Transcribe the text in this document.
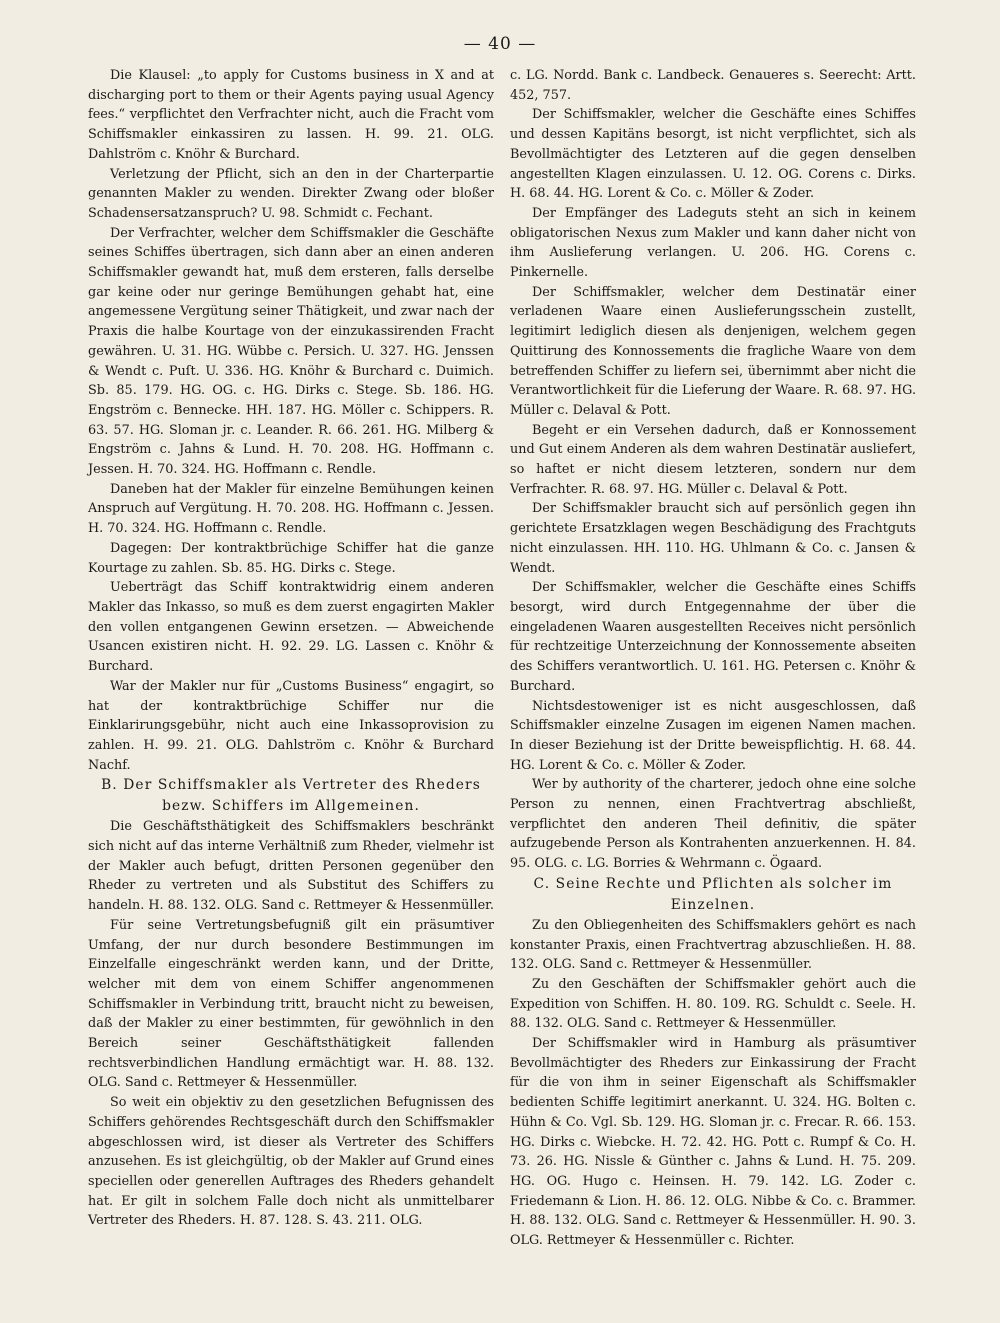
— 40 —

Die Klausel: „to apply for Customs business in X and at discharging port to them or their Agents paying usual Agency fees.“ verpflichtet den Verfrachter nicht, auch die Fracht vom Schiffsmakler einkassiren zu lassen. H. 99. 21. OLG. Dahlström c. Knöhr & Burchard.

Verletzung der Pflicht, sich an den in der Charterpartie genannten Makler zu wenden. Direkter Zwang oder bloßer Schadensersatzanspruch? U. 98. Schmidt c. Fechant.

Der Verfrachter, welcher dem Schiffsmakler die Geschäfte seines Schiffes übertragen, sich dann aber an einen anderen Schiffsmakler gewandt hat, muß dem ersteren, falls derselbe gar keine oder nur geringe Bemühungen gehabt hat, eine angemessene Vergütung seiner Thätigkeit, und zwar nach der Praxis die halbe Kourtage von der einzukassirenden Fracht gewähren. U. 31. HG. Wübbe c. Persich. U. 327. HG. Jenssen & Wendt c. Puſt. U. 336. HG. Knöhr & Burchard c. Duimich. Sb. 85. 179. HG. OG. c. HG. Dirks c. Stege. Sb. 186. HG. Engström c. Bennecke. HH. 187. HG. Möller c. Schippers. R. 63. 57. HG. Sloman jr. c. Leander. R. 66. 261. HG. Milberg & Engström c. Jahns & Lund. H. 70. 208. HG. Hoffmann c. Jessen. H. 70. 324. HG. Hoffmann c. Rendle.

Daneben hat der Makler für einzelne Bemühungen keinen Anspruch auf Vergütung. H. 70. 208. HG. Hoffmann c. Jessen. H. 70. 324. HG. Hoffmann c. Rendle.

Dagegen: Der kontraktbrüchige Schiffer hat die ganze Kourtage zu zahlen. Sb. 85. HG. Dirks c. Stege.

Ueberträgt das Schiff kontraktwidrig einem anderen Makler das Inkasso, so muß es dem zuerst engagirten Makler den vollen entgangenen Gewinn ersetzen. — Abweichende Usancen existiren nicht. H. 92. 29. LG. Lassen c. Knöhr & Burchard.

War der Makler nur für „Customs Business“ engagirt, so hat der kontraktbrüchige Schiffer nur die Einklarirungsgebühr, nicht auch eine Inkassoprovision zu zahlen. H. 99. 21. OLG. Dahlström c. Knöhr & Burchard Nachf.

B. Der Schiffsmakler als Vertreter des Rheders bezw. Schiffers im Allgemeinen.

Die Geschäftsthätigkeit des Schiffsmaklers beschränkt sich nicht auf das interne Verhältniß zum Rheder, vielmehr ist der Makler auch befugt, dritten Personen gegenüber den Rheder zu vertreten und als Substitut des Schiffers zu handeln. H. 88. 132. OLG. Sand c. Rettmeyer & Hessenmüller.

Für seine Vertretungsbefugniß gilt ein präsumtiver Umfang, der nur durch besondere Bestimmungen im Einzelfalle eingeschränkt werden kann, und der Dritte, welcher mit dem von einem Schiffer angenommenen Schiffsmakler in Verbindung tritt, braucht nicht zu beweisen, daß der Makler zu einer bestimmten, für gewöhnlich in den Bereich seiner Geschäftsthätigkeit fallenden rechtsverbindlichen Handlung ermächtigt war. H. 88. 132. OLG. Sand c. Rettmeyer & Hessenmüller.

So weit ein objektiv zu den gesetzlichen Befugnissen des Schiffers gehörendes Rechtsgeschäft durch den Schiffsmakler abgeschlossen wird, ist dieser als Vertreter des Schiffers anzusehen. Es ist gleichgültig, ob der Makler auf Grund eines speciellen oder generellen Auftrages des Rheders gehandelt hat. Er gilt in solchem Falle doch nicht als unmittelbarer Vertreter des Rheders. H. 87. 128. S. 43. 211. OLG.

c. LG. Nordd. Bank c. Landbeck. Genaueres s. Seerecht: Artt. 452, 757.

Der Schiffsmakler, welcher die Geschäfte eines Schiffes und dessen Kapitäns besorgt, ist nicht verpflichtet, sich als Bevollmächtigter des Letzteren auf die gegen denselben angestellten Klagen einzulassen. U. 12. OG. Corens c. Dirks. H. 68. 44. HG. Lorent & Co. c. Möller & Zoder.

Der Empfänger des Ladeguts steht an sich in keinem obligatorischen Nexus zum Makler und kann daher nicht von ihm Auslieferung verlangen. U. 206. HG. Corens c. Pinkernelle.

Der Schiffsmakler, welcher dem Destinatär einer verladenen Waare einen Auslieferungsschein zustellt, legitimirt lediglich diesen als denjenigen, welchem gegen Quittirung des Konnossements die fragliche Waare von dem betreffenden Schiffer zu liefern sei, übernimmt aber nicht die Verantwortlichkeit für die Lieferung der Waare. R. 68. 97. HG. Müller c. Delaval & Pott.

Begeht er ein Versehen dadurch, daß er Konnossement und Gut einem Anderen als dem wahren Destinatär ausliefert, so haftet er nicht diesem letzteren, sondern nur dem Verfrachter. R. 68. 97. HG. Müller c. Delaval & Pott.

Der Schiffsmakler braucht sich auf persönlich gegen ihn gerichtete Ersatzklagen wegen Beschädigung des Frachtguts nicht einzulassen. HH. 110. HG. Uhlmann & Co. c. Jansen & Wendt.

Der Schiffsmakler, welcher die Geschäfte eines Schiffs besorgt, wird durch Entgegennahme der über die eingeladenen Waaren ausgestellten Receives nicht persönlich für rechtzeitige Unterzeichnung der Konnossemente abseiten des Schiffers verantwortlich. U. 161. HG. Petersen c. Knöhr & Burchard.

Nichtsdestoweniger ist es nicht ausgeschlossen, daß Schiffsmakler einzelne Zusagen im eigenen Namen machen. In dieser Beziehung ist der Dritte beweispflichtig. H. 68. 44. HG. Lorent & Co. c. Möller & Zoder.

Wer by authority of the charterer, jedoch ohne eine solche Person zu nennen, einen Frachtvertrag abschließt, verpflichtet den anderen Theil definitiv, die später aufzugebende Person als Kontrahenten anzuerkennen. H. 84. 95. OLG. c. LG. Borries & Wehrmann c. Ögaard.

C. Seine Rechte und Pflichten als solcher im Einzelnen.

Zu den Obliegenheiten des Schiffsmaklers gehört es nach konstanter Praxis, einen Frachtvertrag abzuschließen. H. 88. 132. OLG. Sand c. Rettmeyer & Hessenmüller.

Zu den Geschäften der Schiffsmakler gehört auch die Expedition von Schiffen. H. 80. 109. RG. Schuldt c. Seele. H. 88. 132. OLG. Sand c. Rettmeyer & Hessenmüller.

Der Schiffsmakler wird in Hamburg als präsumtiver Bevollmächtigter des Rheders zur Einkassirung der Fracht für die von ihm in seiner Eigenschaft als Schiffsmakler bedienten Schiffe legitimirt anerkannt. U. 324. HG. Bolten c. Hühn & Co. Vgl. Sb. 129. HG. Sloman jr. c. Frecar. R. 66. 153. HG. Dirks c. Wiebcke. H. 72. 42. HG. Pott c. Rumpf & Co. H. 73. 26. HG. Nissle & Günther c. Jahns & Lund. H. 75. 209. HG. OG. Hugo c. Heinsen. H. 79. 142. LG. Zoder c. Friedemann & Lion. H. 86. 12. OLG. Nibbe & Co. c. Brammer. H. 88. 132. OLG. Sand c. Rettmeyer & Hessenmüller. H. 90. 3. OLG. Rettmeyer & Hessenmüller c. Richter.
